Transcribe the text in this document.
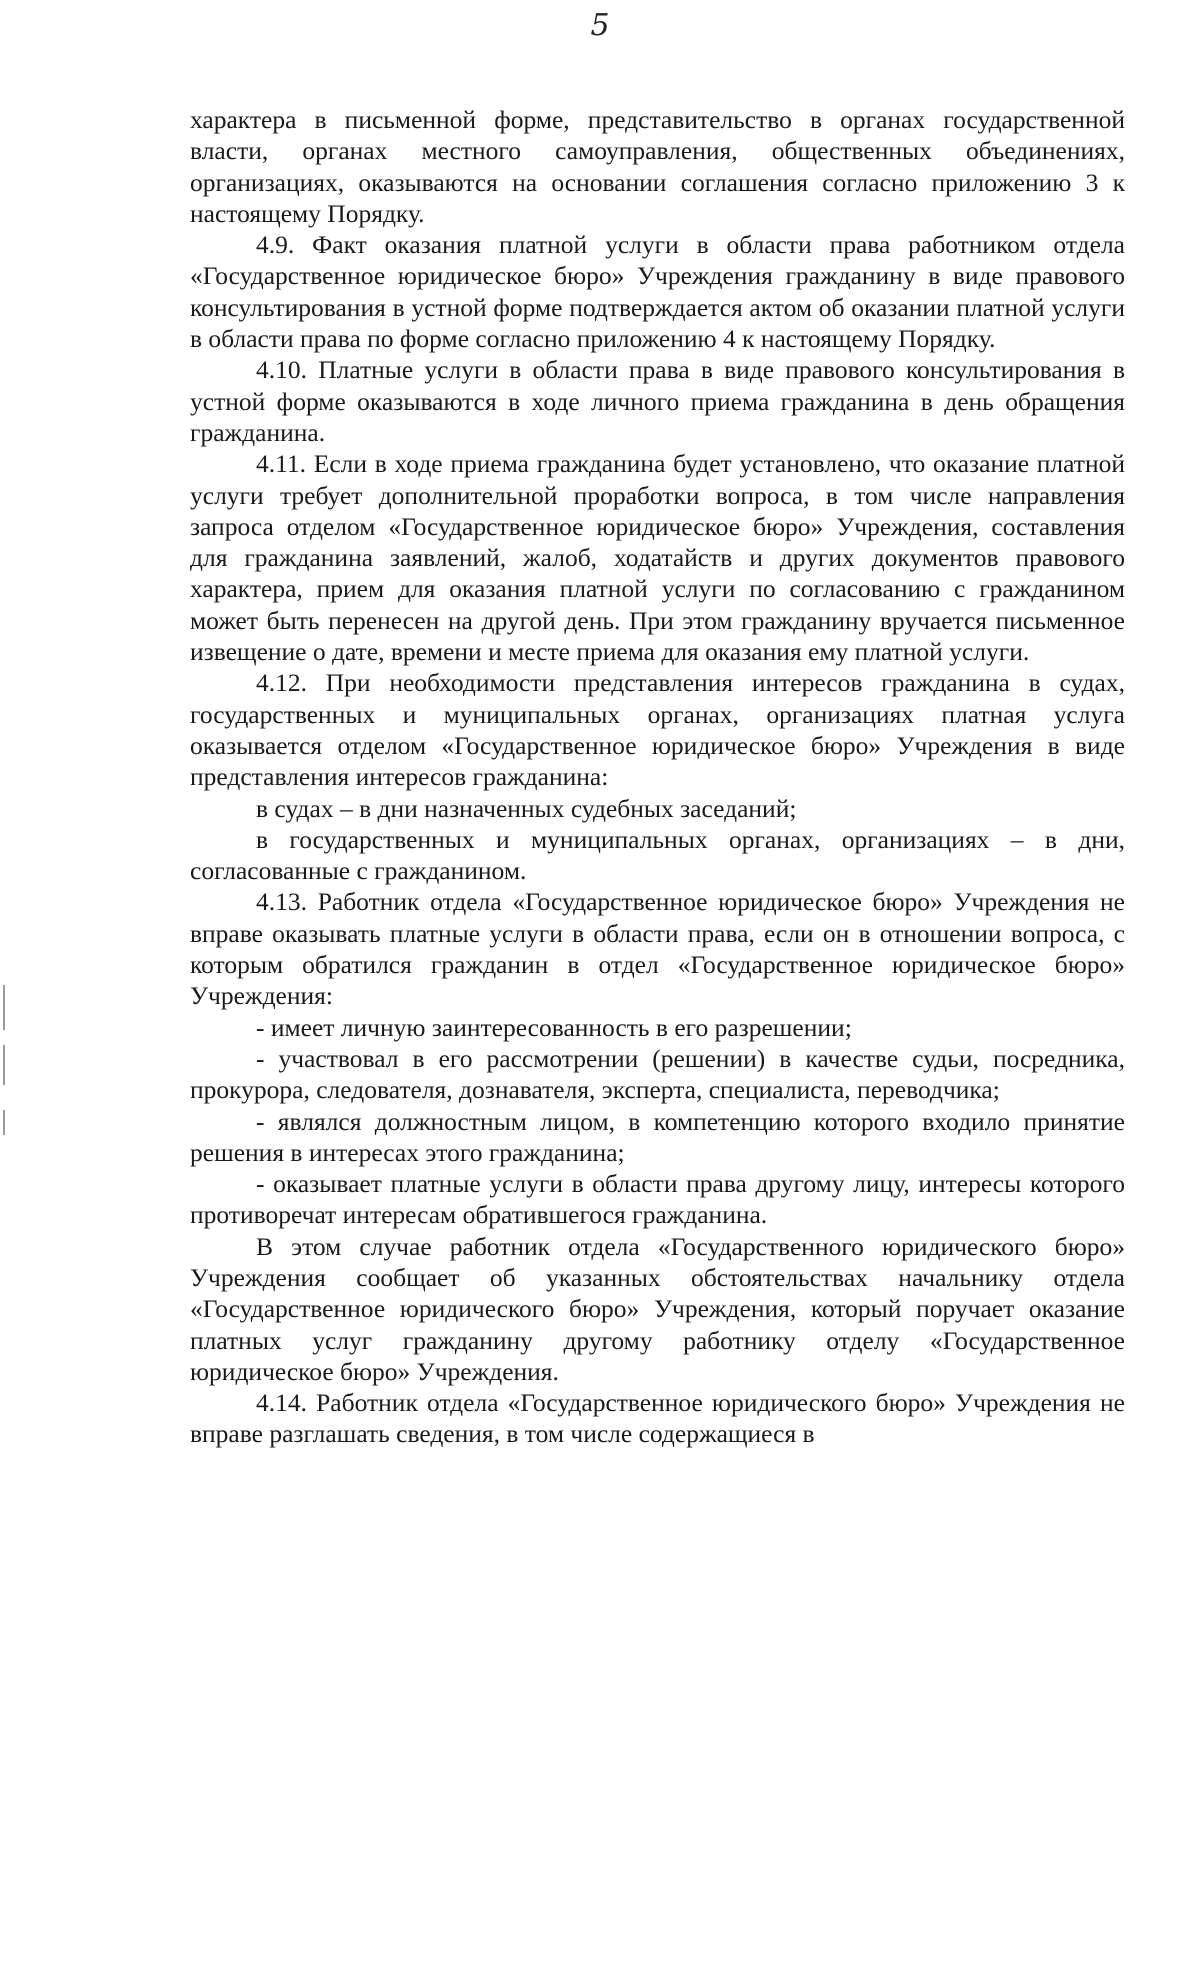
5

характера в письменной форме, представительство в органах государственной власти, органах местного самоуправления, общественных объединениях, организациях, оказываются на основании соглашения согласно приложению 3 к настоящему Порядку.

4.9. Факт оказания платной услуги в области права работником отдела «Государственное юридическое бюро» Учреждения гражданину в виде правового консультирования в устной форме подтверждается актом об оказании платной услуги в области права по форме согласно приложению 4 к настоящему Порядку.

4.10. Платные услуги в области права в виде правового консультирования в устной форме оказываются в ходе личного приема гражданина в день обращения гражданина.

4.11. Если в ходе приема гражданина будет установлено, что оказание платной услуги требует дополнительной проработки вопроса, в том числе направления запроса отделом «Государственное юридическое бюро» Учреждения, составления для гражданина заявлений, жалоб, ходатайств и других документов правового характера, прием для оказания платной услуги по согласованию с гражданином может быть перенесен на другой день. При этом гражданину вручается письменное извещение о дате, времени и месте приема для оказания ему платной услуги.

4.12. При необходимости представления интересов гражданина в судах, государственных и муниципальных органах, организациях платная услуга оказывается отделом «Государственное юридическое бюро» Учреждения в виде представления интересов гражданина:

в судах – в дни назначенных судебных заседаний;

в государственных и муниципальных органах, организациях – в дни, согласованные с гражданином.

4.13. Работник отдела «Государственное юридическое бюро» Учреждения не вправе оказывать платные услуги в области права, если он в отношении вопроса, с которым обратился гражданин в отдел «Государственное юридическое бюро» Учреждения:

- имеет личную заинтересованность в его разрешении;

- участвовал в его рассмотрении (решении) в качестве судьи, посредника, прокурора, следователя, дознавателя, эксперта, специалиста, переводчика;

- являлся должностным лицом, в компетенцию которого входило принятие решения в интересах этого гражданина;

- оказывает платные услуги в области права другому лицу, интересы которого противоречат интересам обратившегося гражданина.

В этом случае работник отдела «Государственного юридического бюро» Учреждения сообщает об указанных обстоятельствах начальнику отдела «Государственное юридического бюро» Учреждения, который поручает оказание платных услуг гражданину другому работнику отделу «Государственное юридическое бюро» Учреждения.

4.14. Работник отдела «Государственное юридического бюро» Учреждения не вправе разглашать сведения, в том числе содержащиеся в
